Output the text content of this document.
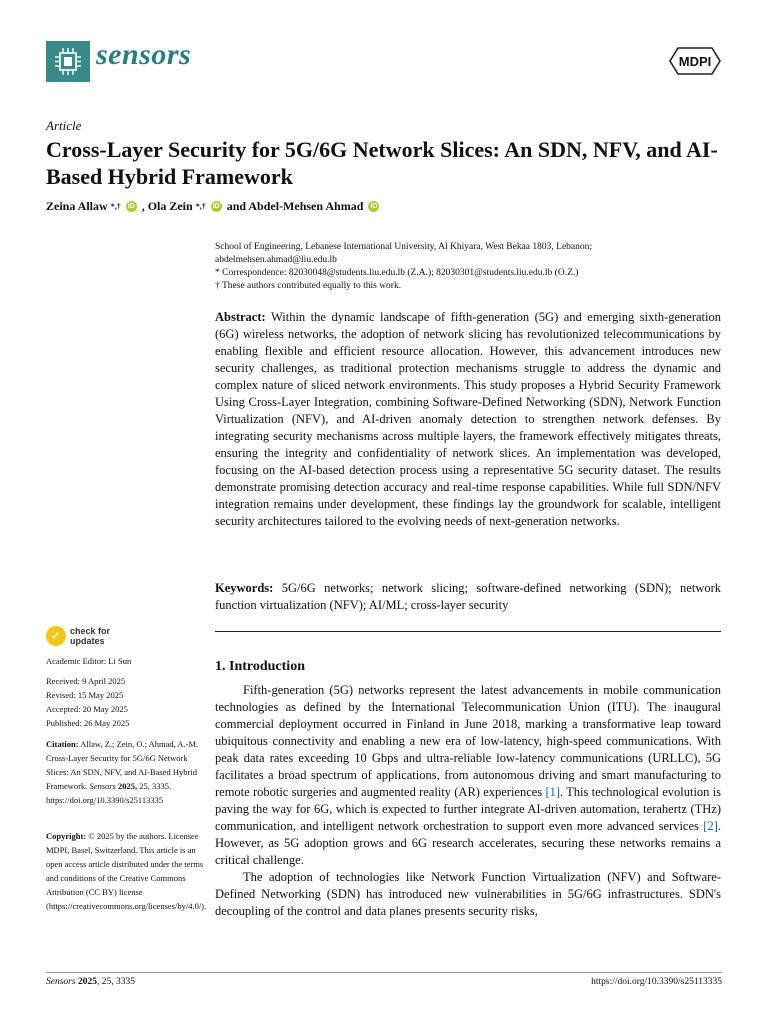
sensors	MDPI
Article
Cross-Layer Security for 5G/6G Network Slices: An SDN, NFV, and AI-Based Hybrid Framework
Zeina Allaw *,† iD , Ola Zein *,† iD and Abdel-Mehsen Ahmad iD
School of Engineering, Lebanese International University, Al Khiyara, West Bekaa 1803, Lebanon;
abdelmehsen.ahmad@liu.edu.lb
* Correspondence: 82030048@students.liu.edu.lb (Z.A.); 82030301@students.liu.edu.lb (O.Z.)
† These authors contributed equally to this work.
Abstract: Within the dynamic landscape of fifth-generation (5G) and emerging sixth-generation (6G) wireless networks, the adoption of network slicing has revolutionized telecommunications by enabling flexible and efficient resource allocation. However, this advancement introduces new security challenges, as traditional protection mechanisms struggle to address the dynamic and complex nature of sliced network environments. This study proposes a Hybrid Security Framework Using Cross-Layer Integration, combining Software-Defined Networking (SDN), Network Function Virtualization (NFV), and AI-driven anomaly detection to strengthen network defenses. By integrating security mechanisms across multiple layers, the framework effectively mitigates threats, ensuring the integrity and confidentiality of network slices. An implementation was developed, focusing on the AI-based detection process using a representative 5G security dataset. The results demonstrate promising detection accuracy and real-time response capabilities. While full SDN/NFV integration remains under development, these findings lay the groundwork for scalable, intelligent security architectures tailored to the evolving needs of next-generation networks.
Keywords: 5G/6G networks; network slicing; software-defined networking (SDN); network function virtualization (NFV); AI/ML; cross-layer security
✓ check for
updates
Academic Editor: Li Sun
Received: 9 April 2025
Revised: 15 May 2025
Accepted: 20 May 2025
Published: 26 May 2025
Citation: Allaw, Z.; Zein, O.; Ahmad, A.-M. Cross-Layer Security for 5G/6G Network Slices: An SDN, NFV, and AI-Based Hybrid Framework. Sensors 2025, 25, 3335. https://doi.org/10.3390/s25113335
Copyright: © 2025 by the authors. Licensee MDPI, Basel, Switzerland. This article is an open access article distributed under the terms and conditions of the Creative Commons Attribution (CC BY) license (https://creativecommons.org/licenses/by/4.0/).
1. Introduction

Fifth-generation (5G) networks represent the latest advancements in mobile communication technologies as defined by the International Telecommunication Union (ITU). The inaugural commercial deployment occurred in Finland in June 2018, marking a transformative leap toward ubiquitous connectivity and enabling a new era of low-latency, high-speed communications. With peak data rates exceeding 10 Gbps and ultra-reliable low-latency communications (URLLC), 5G facilitates a broad spectrum of applications, from autonomous driving and smart manufacturing to remote robotic surgeries and augmented reality (AR) experiences [1]. This technological evolution is paving the way for 6G, which is expected to further integrate AI-driven automation, terahertz (THz) communication, and intelligent network orchestration to support even more advanced services [2]. However, as 5G adoption grows and 6G research accelerates, securing these networks remains a critical challenge.

The adoption of technologies like Network Function Virtualization (NFV) and Software-Defined Networking (SDN) has introduced new vulnerabilities in 5G/6G infrastructures. SDN's decoupling of the control and data planes presents security risks,

Sensors 2025, 25, 3335	https://doi.org/10.3390/s25113335
